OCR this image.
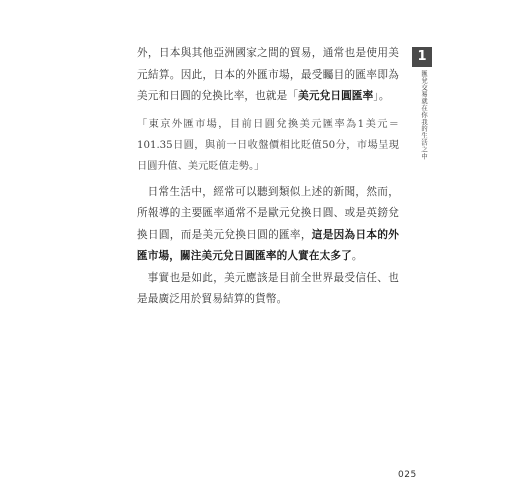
外，日本與其他亞洲國家之間的貿易，通常也是使用美元結算。因此，日本的外匯市場，最受矚目的匯率即為美元和日圓的兌換比率，也就是「美元兌日圓匯率」。

「東京外匯市場，目前日圓兌換美元匯率為1美元＝101.35日圓，與前一日收盤價相比貶值50分，市場呈現日圓升值、美元貶值走勢。」

日常生活中，經常可以聽到類似上述的新聞，然而，所報導的主要匯率通常不是歐元兌換日圓、或是英鎊兌換日圓，而是美元兌換日圓的匯率，這是因為日本的外匯市場，關注美元兌日圓匯率的人實在太多了。

事實也是如此，美元應該是目前全世界最受信任、也是最廣泛用於貿易結算的貨幣。

1
匯兌交易就在你我的生活之中
025
